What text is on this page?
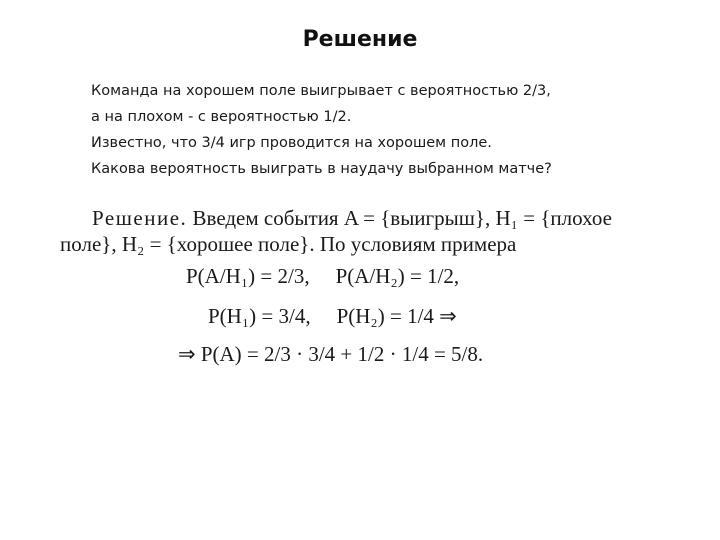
Решение
Команда на хорошем поле выигрывает с вероятностью 2/3,
а на плохом - с вероятностью 1/2.
Известно, что 3/4 игр проводится на хорошем поле.
Какова вероятность выиграть в наудачу выбранном матче?
Решение. Введем события A = {выигрыш}, H₁ = {плохое
поле}, H₂ = {хорошее поле}. По условиям примера
P(A/H₁) = 2/3, P(A/H₂) = 1/2,
P(H₁) = 3/4, P(H₂) = 1/4 ⇒
⇒ P(A) = 2/3 · 3/4 + 1/2 · 1/4 = 5/8.
